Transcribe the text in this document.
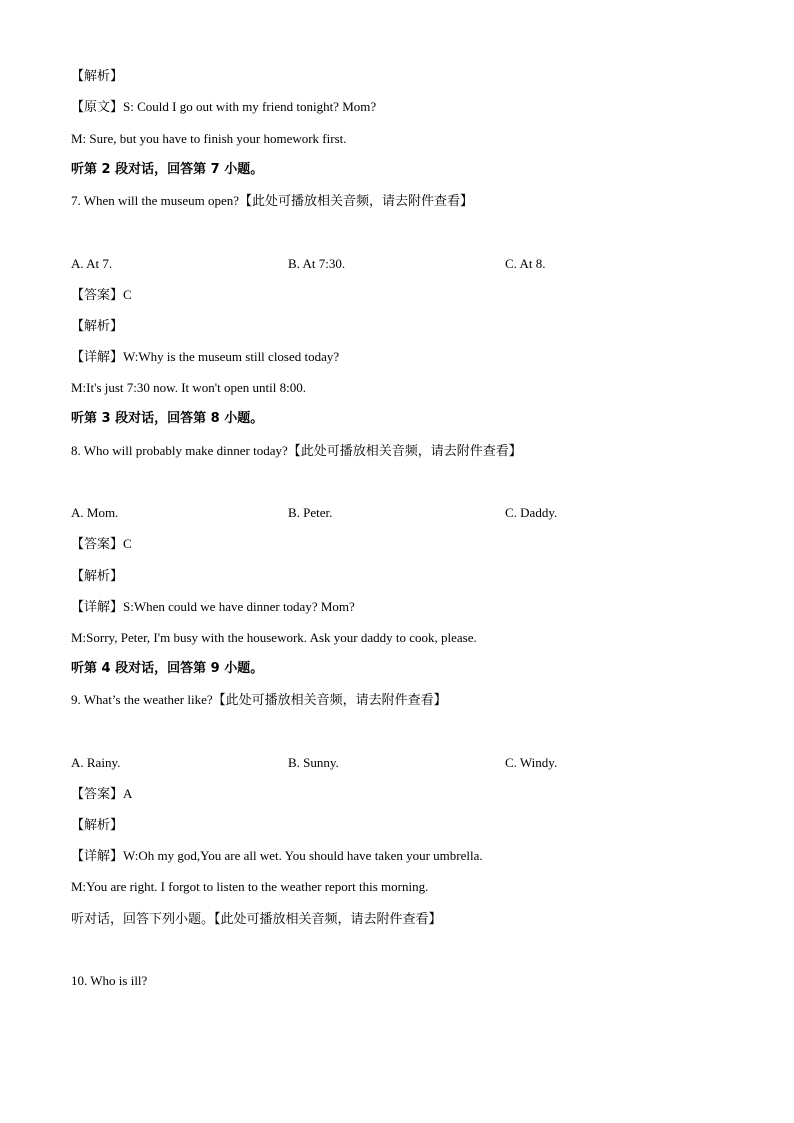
【解析】
【原文】S: Could I go out with my friend tonight? Mom?
M: Sure, but you have to finish your homework first.
听第 2 段对话，回答第 7 小题。
7. When will the museum open?【此处可播放相关音频，请去附件查看】
A. At 7.	B. At 7:30.	C. At 8.
【答案】C
【解析】
【详解】W:Why is the museum still closed today?
M:It's just 7:30 now. It won't open until 8:00.
听第 3 段对话，回答第 8 小题。
8. Who will probably make dinner today?【此处可播放相关音频，请去附件查看】
A. Mom.	B. Peter.	C. Daddy.
【答案】C
【解析】
【详解】S:When could we have dinner today? Mom?
M:Sorry, Peter, I'm busy with the housework. Ask your daddy to cook, please.
听第 4 段对话，回答第 9 小题。
9. What’s the weather like?【此处可播放相关音频，请去附件查看】
A. Rainy.	B. Sunny.	C. Windy.
【答案】A
【解析】
【详解】W:Oh my god,You are all wet. You should have taken your umbrella.
M:You are right. I forgot to listen to the weather report this morning.
听对话，回答下列小题。【此处可播放相关音频，请去附件查看】
10. Who is ill?
